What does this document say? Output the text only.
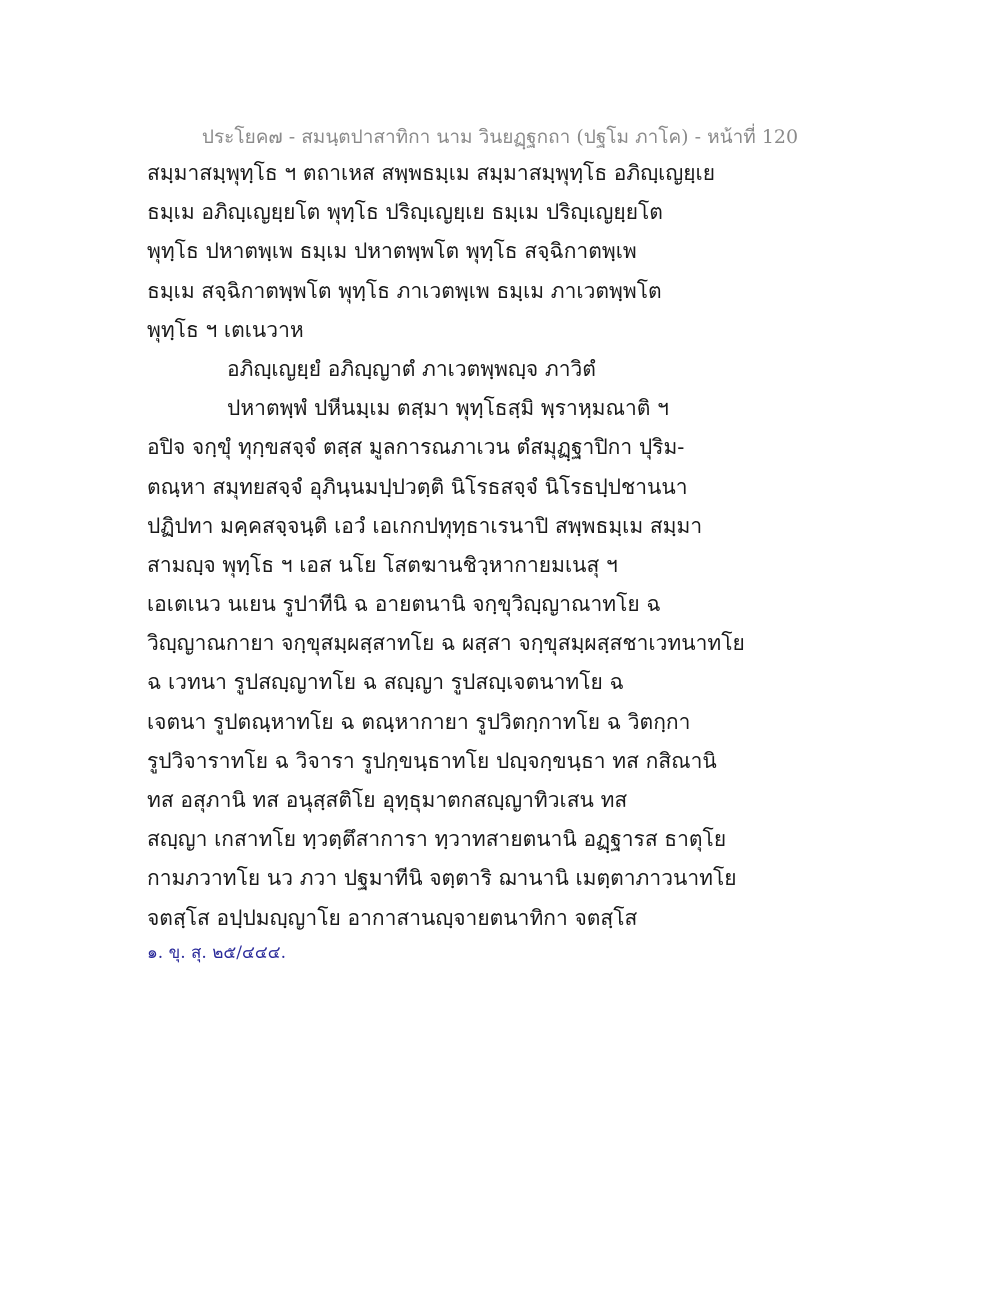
ประโยค๗ - สมนฺตปาสาทิกา นาม วินยฏฺฐกถา (ปฐโม ภาโค) - หน้าที่ 120
สมฺมาสมฺพุทฺโธ ฯ ตถาเหส สพฺพธมฺเม สมฺมาสมฺพุทฺโธ อภิญฺเญยฺเย
ธมฺเม อภิญฺเญยฺยโต พุทฺโธ ปริญฺเญยฺเย ธมฺเม ปริญฺเญยฺยโต
พุทฺโธ ปหาตพฺเพ ธมฺเม ปหาตพฺพโต พุทฺโธ สจฺฉิกาตพฺเพ
ธมฺเม สจฺฉิกาตพฺพโต พุทฺโธ ภาเวตพฺเพ ธมฺเม ภาเวตพฺพโต
พุทฺโธ ฯ เตเนวาห
อภิญฺเญยฺยํ อภิญฺญาตํ ภาเวตพฺพญฺจ ภาวิตํ
ปหาตพฺพํ ปหีนมฺเม ตสฺมา พุทฺโธสฺมิ พฺราหฺมณาติ ฯ
อปิจ จกฺขุํ ทุกฺขสจฺจํ ตสฺส มูลการณภาเวน ตํสมุฏฺฐาปิกา ปุริม-
ตณฺหา สมุทยสจฺจํ อุภินฺนมปฺปวตฺติ นิโรธสจฺจํ นิโรธปฺปชานนา
ปฏิปทา มคฺคสจฺจนฺติ เอวํ เอเกกปทุทฺธาเรนาปิ สพฺพธมฺเม สมฺมา
สามญฺจ พุทฺโธ ฯ เอส นโย โสตฆานชิวฺหากายมเนสุ ฯ
เอเตเนว นเยน รูปาทีนิ ฉ อายตนานิ จกฺขุวิญฺญาณาทโย ฉ
วิญฺญาณกายา จกฺขุสมฺผสฺสาทโย ฉ ผสฺสา จกฺขุสมฺผสฺสชาเวทนาทโย
ฉ เวทนา รูปสญฺญาทโย ฉ สญฺญา รูปสญฺเจตนาทโย ฉ
เจตนา รูปตณฺหาทโย ฉ ตณฺหากายา รูปวิตกฺกาทโย ฉ วิตกฺกา
รูปวิจาราทโย ฉ วิจารา รูปกฺขนฺธาทโย ปญฺจกฺขนฺธา ทส กสิณานิ
ทส อสุภานิ ทส อนุสฺสติโย อุทฺธุมาตกสญฺญาทิวเสน ทส
สญฺญา เกสาทโย ทฺวตฺตึสาการา ทฺวาทสายตนานิ อฏฺฐารส ธาตุโย
กามภวาทโย นว ภวา ปฐมาทีนิ จตฺตาริ ฌานานิ เมตฺตาภาวนาทโย
จตสฺโส อปฺปมญฺญาโย อากาสานญฺจายตนาทิกา จตสฺโส
๑. ขุ. สุ. ๒๕/๔๔๔.
